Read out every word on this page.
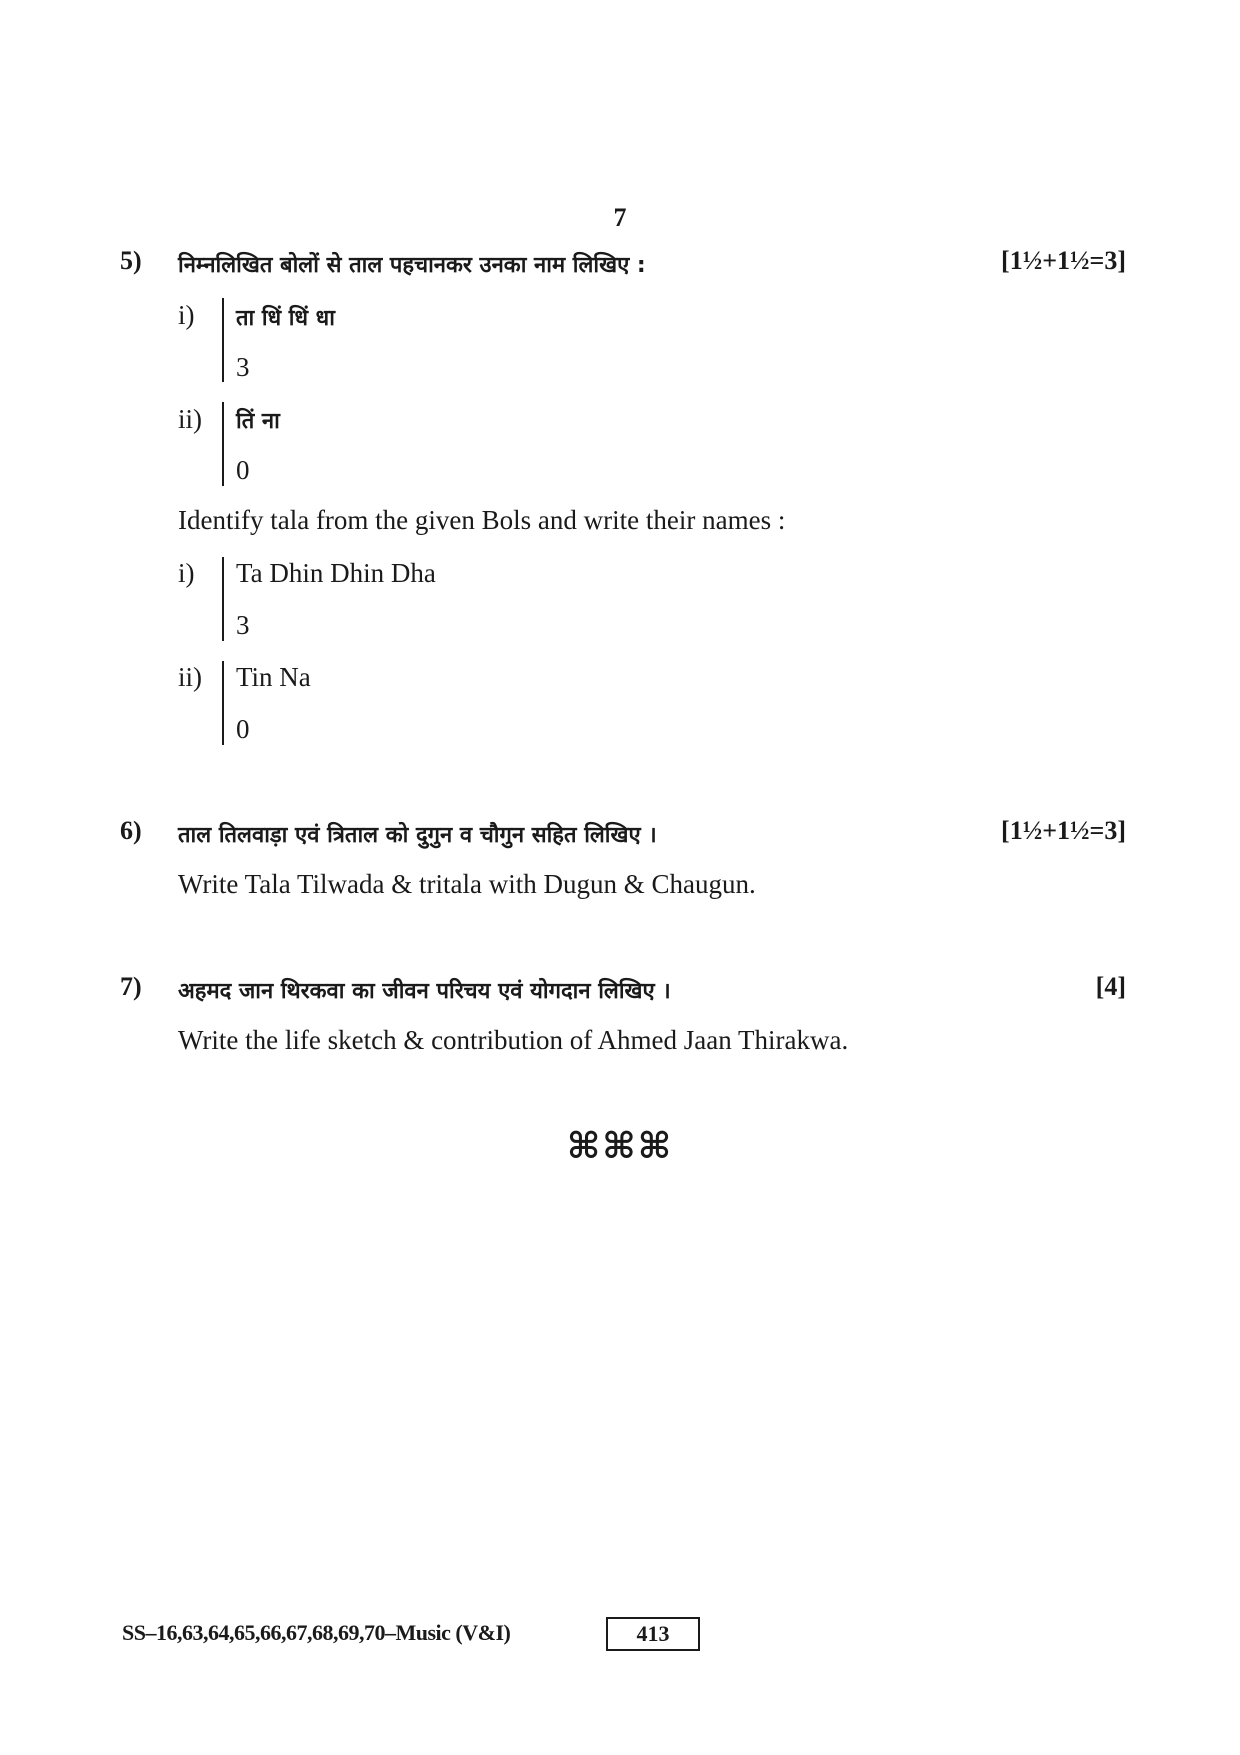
7
5) निम्नलिखित बोलों से ताल पहचानकर उनका नाम लिखिए :	[1½+1½=3]
i) ता धिं धिं धा
3
ii) तिं ना
0
Identify tala from the given Bols and write their names :
i) Ta Dhin Dhin Dha
3
ii) Tin Na
0
6) ताल तिलवाड़ा एवं त्रिताल को दुगुन व चौगुन सहित लिखिए ।	[1½+1½=3]
Write Tala Tilwada & tritala with Dugun & Chaugun.
7) अहमद जान थिरकवा का जीवन परिचय एवं योगदान लिखिए ।	[4]
Write the life sketch & contribution of Ahmed Jaan Thirakwa.
⌘⌘⌘
SS–16,63,64,65,66,67,68,69,70–Music (V&I)	413
